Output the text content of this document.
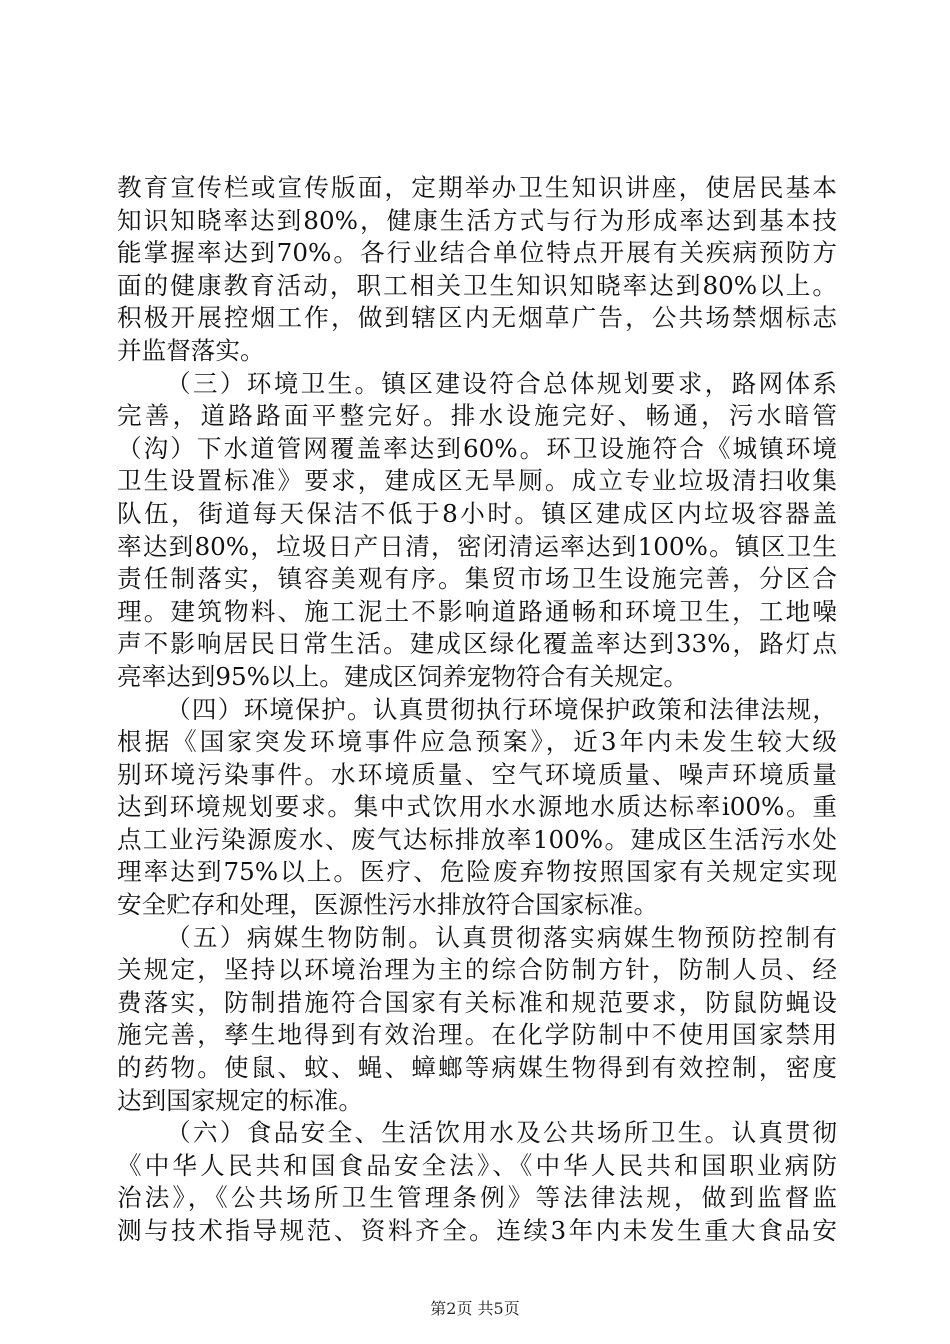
教育宣传栏或宣传版面，定期举办卫生知识讲座，使居民基本
知识知晓率达到80%，健康生活方式与行为形成率达到基本技
能掌握率达到70%。各行业结合单位特点开展有关疾病预防方
面的健康教育活动，职工相关卫生知识知晓率达到80%以上。
积极开展控烟工作，做到辖区内无烟草广告，公共场禁烟标志
并监督落实。
（三）环境卫生。镇区建设符合总体规划要求，路网体系
完善，道路路面平整完好。排水设施完好、畅通，污水暗管
（沟）下水道管网覆盖率达到60%。环卫设施符合《城镇环境
卫生设置标准》要求，建成区无旱厕。成立专业垃圾清扫收集
队伍，街道每天保洁不低于8小时。镇区建成区内垃圾容器盖
率达到80%，垃圾日产日清，密闭清运率达到100%。镇区卫生
责任制落实，镇容美观有序。集贸市场卫生设施完善，分区合
理。建筑物料、施工泥土不影响道路通畅和环境卫生，工地噪
声不影响居民日常生活。建成区绿化覆盖率达到33%，路灯点
亮率达到95%以上。建成区饲养宠物符合有关规定。
（四）环境保护。认真贯彻执行环境保护政策和法律法规，
根据《国家突发环境事件应急预案》，近3年内未发生较大级
别环境污染事件。水环境质量、空气环境质量、噪声环境质量
达到环境规划要求。集中式饮用水水源地水质达标率i00%。重
点工业污染源废水、废气达标排放率100%。建成区生活污水处
理率达到75%以上。医疗、危险废弃物按照国家有关规定实现
安全贮存和处理，医源性污水排放符合国家标准。
（五）病媒生物防制。认真贯彻落实病媒生物预防控制有
关规定，坚持以环境治理为主的综合防制方针，防制人员、经
费落实，防制措施符合国家有关标准和规范要求，防鼠防蝇设
施完善，孳生地得到有效治理。在化学防制中不使用国家禁用
的药物。使鼠、蚊、蝇、蟑螂等病媒生物得到有效控制，密度
达到国家规定的标准。
（六）食品安全、生活饮用水及公共场所卫生。认真贯彻
《中华人民共和国食品安全法》、《中华人民共和国职业病防
治法》，《公共场所卫生管理条例》等法律法规，做到监督监
测与技术指导规范、资料齐全。连续3年内未发生重大食品安
第2页 共5页
